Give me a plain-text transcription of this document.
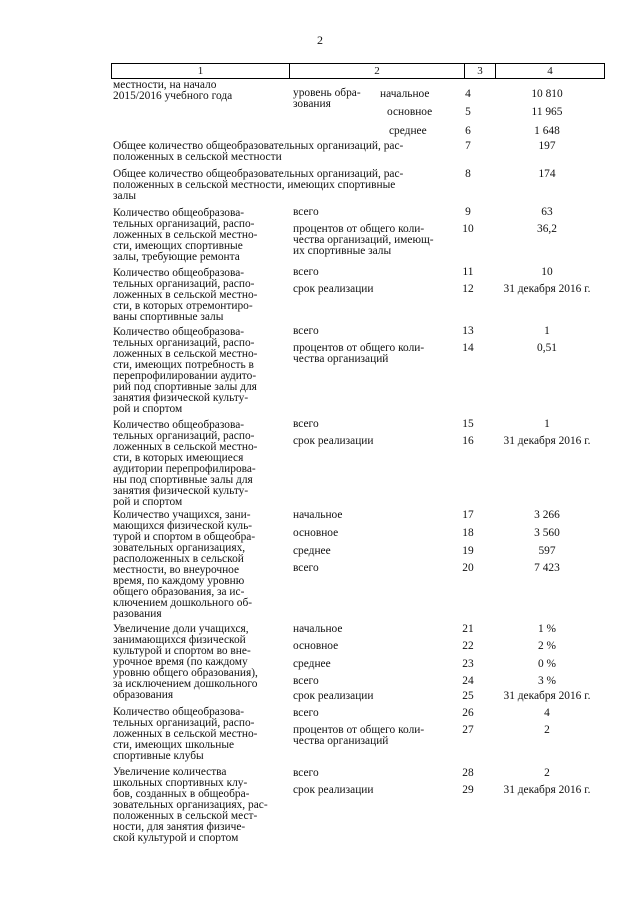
2
1	2	3	4
местности, на начало
2015/2016 учебного года	уровень обра-
зования
начальное	4	10 810
основное	5	11 965
среднее	6	1 648
Общее количество общеобразовательных организаций, рас-
положенных в сельской местности
7	197
Общее количество общеобразовательных организаций, рас-
положенных в сельской местности, имеющих спортивные
залы
8	174
Количество общеобразова-
тельных организаций, распо-
ложенных в сельской местно-
сти, имеющих спортивные
залы, требующие ремонта
всего	9	63
процентов от общего коли-
чества организаций, имеющ-
их спортивные залы
10	36,2
Количество общеобразова-
тельных организаций, распо-
ложенных в сельской местно-
сти, в которых отремонтиро-
ваны спортивные залы
всего	11	10
срок реализации	12	31 декабря 2016 г.
Количество общеобразова-
тельных организаций, распо-
ложенных в сельской местно-
сти, имеющих потребность в
перепрофилировании аудито-
рий под спортивные залы для
занятия физической культу-
рой и спортом
всего	13	1
процентов от общего коли-
чества организаций
14	0,51
Количество общеобразова-
тельных организаций, распо-
ложенных в сельской местно-
сти, в которых имеющиеся
аудитории перепрофилирова-
ны под спортивные залы для
занятия физической культу-
рой и спортом
всего	15	1
срок реализации	16	31 декабря 2016 г.
Количество учащихся, зани-
мающихся физической куль-
турой и спортом в общеобра-
зовательных организациях,
расположенных в сельской
местности, во внеурочное
время, по каждому уровню
общего образования, за ис-
ключением дошкольного об-
разования
начальное	17	3 266
основное	18	3 560
среднее	19	597
всего	20	7 423
Увеличение доли учащихся,
занимающихся физической
культурой и спортом во вне-
урочное время (по каждому
уровню общего образования),
за исключением дошкольного
образования
начальное	21	1 %
основное	22	2 %
среднее	23	0 %
всего	24	3 %
срок реализации	25	31 декабря 2016 г.
Количество общеобразова-
тельных организаций, распо-
ложенных в сельской местно-
сти, имеющих школьные
спортивные клубы
всего	26	4
процентов от общего коли-
чества организаций
27	2
Увеличение количества
школьных спортивных клу-
бов, созданных в общеобра-
зовательных организациях, рас-
положенных в сельской мест-
ности, для занятия физиче-
ской культурой и спортом
всего	28	2
срок реализации	29	31 декабря 2016 г.
